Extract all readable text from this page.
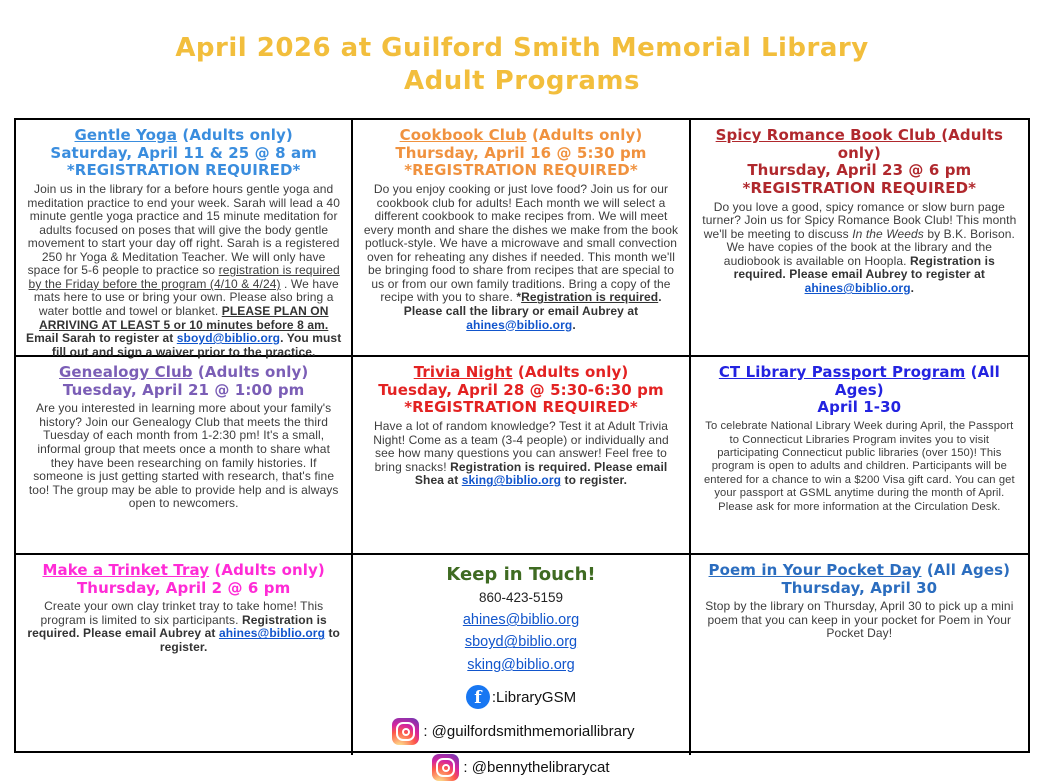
April 2026 at Guilford Smith Memorial Library
Adult Programs
Gentle Yoga (Adults only)
Saturday, April 11 & 25 @ 8 am
*REGISTRATION REQUIRED*
Join us in the library for a before hours gentle yoga and meditation practice to end your week. Sarah will lead a 40 minute gentle yoga practice and 15 minute meditation for adults focused on poses that will give the body gentle movement to start your day off right. Sarah is a registered 250 hr Yoga & Meditation Teacher. We will only have space for 5-6 people to practice so registration is required by the Friday before the program (4/10 & 4/24) . We have mats here to use or bring your own. Please also bring a water bottle and towel or blanket. PLEASE PLAN ON ARRIVING AT LEAST 5 or 10 minutes before 8 am. Email Sarah to register at sboyd@biblio.org. You must fill out and sign a waiver prior to the practice.
Cookbook Club (Adults only)
Thursday, April 16 @ 5:30 pm
*REGISTRATION REQUIRED*
Do you enjoy cooking or just love food? Join us for our cookbook club for adults! Each month we will select a different cookbook to make recipes from. We will meet every month and share the dishes we make from the book potluck-style. We have a microwave and small convection oven for reheating any dishes if needed. This month we'll be bringing food to share from recipes that are special to us or from our own family traditions. Bring a copy of the recipe with you to share. *Registration is required. Please call the library or email Aubrey at ahines@biblio.org.
Spicy Romance Book Club (Adults only)
Thursday, April 23 @ 6 pm
*REGISTRATION REQUIRED*
Do you love a good, spicy romance or slow burn page turner? Join us for Spicy Romance Book Club! This month we'll be meeting to discuss In the Weeds by B.K. Borison. We have copies of the book at the library and the audiobook is available on Hoopla. Registration is required. Please email Aubrey to register at ahines@biblio.org.
Genealogy Club (Adults only)
Tuesday, April 21 @ 1:00 pm
Are you interested in learning more about your family's history? Join our Genealogy Club that meets the third Tuesday of each month from 1-2:30 pm! It's a small, informal group that meets once a month to share what they have been researching on family histories. If someone is just getting started with research, that's fine too! The group may be able to provide help and is always open to newcomers.
Trivia Night (Adults only)
Tuesday, April 28 @ 5:30-6:30 pm
*REGISTRATION REQUIRED*
Have a lot of random knowledge? Test it at Adult Trivia Night! Come as a team (3-4 people) or individually and see how many questions you can answer! Feel free to bring snacks! Registration is required. Please email Shea at sking@biblio.org to register.
CT Library Passport Program (All Ages)
April 1-30
To celebrate National Library Week during April, the Passport to Connecticut Libraries Program invites you to visit participating Connecticut public libraries (over 150)! This program is open to adults and children. Participants will be entered for a chance to win a $200 Visa gift card. You can get your passport at GSML anytime during the month of April. Please ask for more information at the Circulation Desk.
Make a Trinket Tray (Adults only)
Thursday, April 2 @ 6 pm
Create your own clay trinket tray to take home! This program is limited to six participants. Registration is required. Please email Aubrey at ahines@biblio.org to register.
Keep in Touch!
860-423-5159
ahines@biblio.org
sboyd@biblio.org
sking@biblio.org
f
:LibraryGSM
: @guilfordsmithmemoriallibrary
: @bennythelibrarycat
Poem in Your Pocket Day (All Ages)
Thursday, April 30
Stop by the library on Thursday, April 30 to pick up a mini poem that you can keep in your pocket for Poem in Your Pocket Day!
